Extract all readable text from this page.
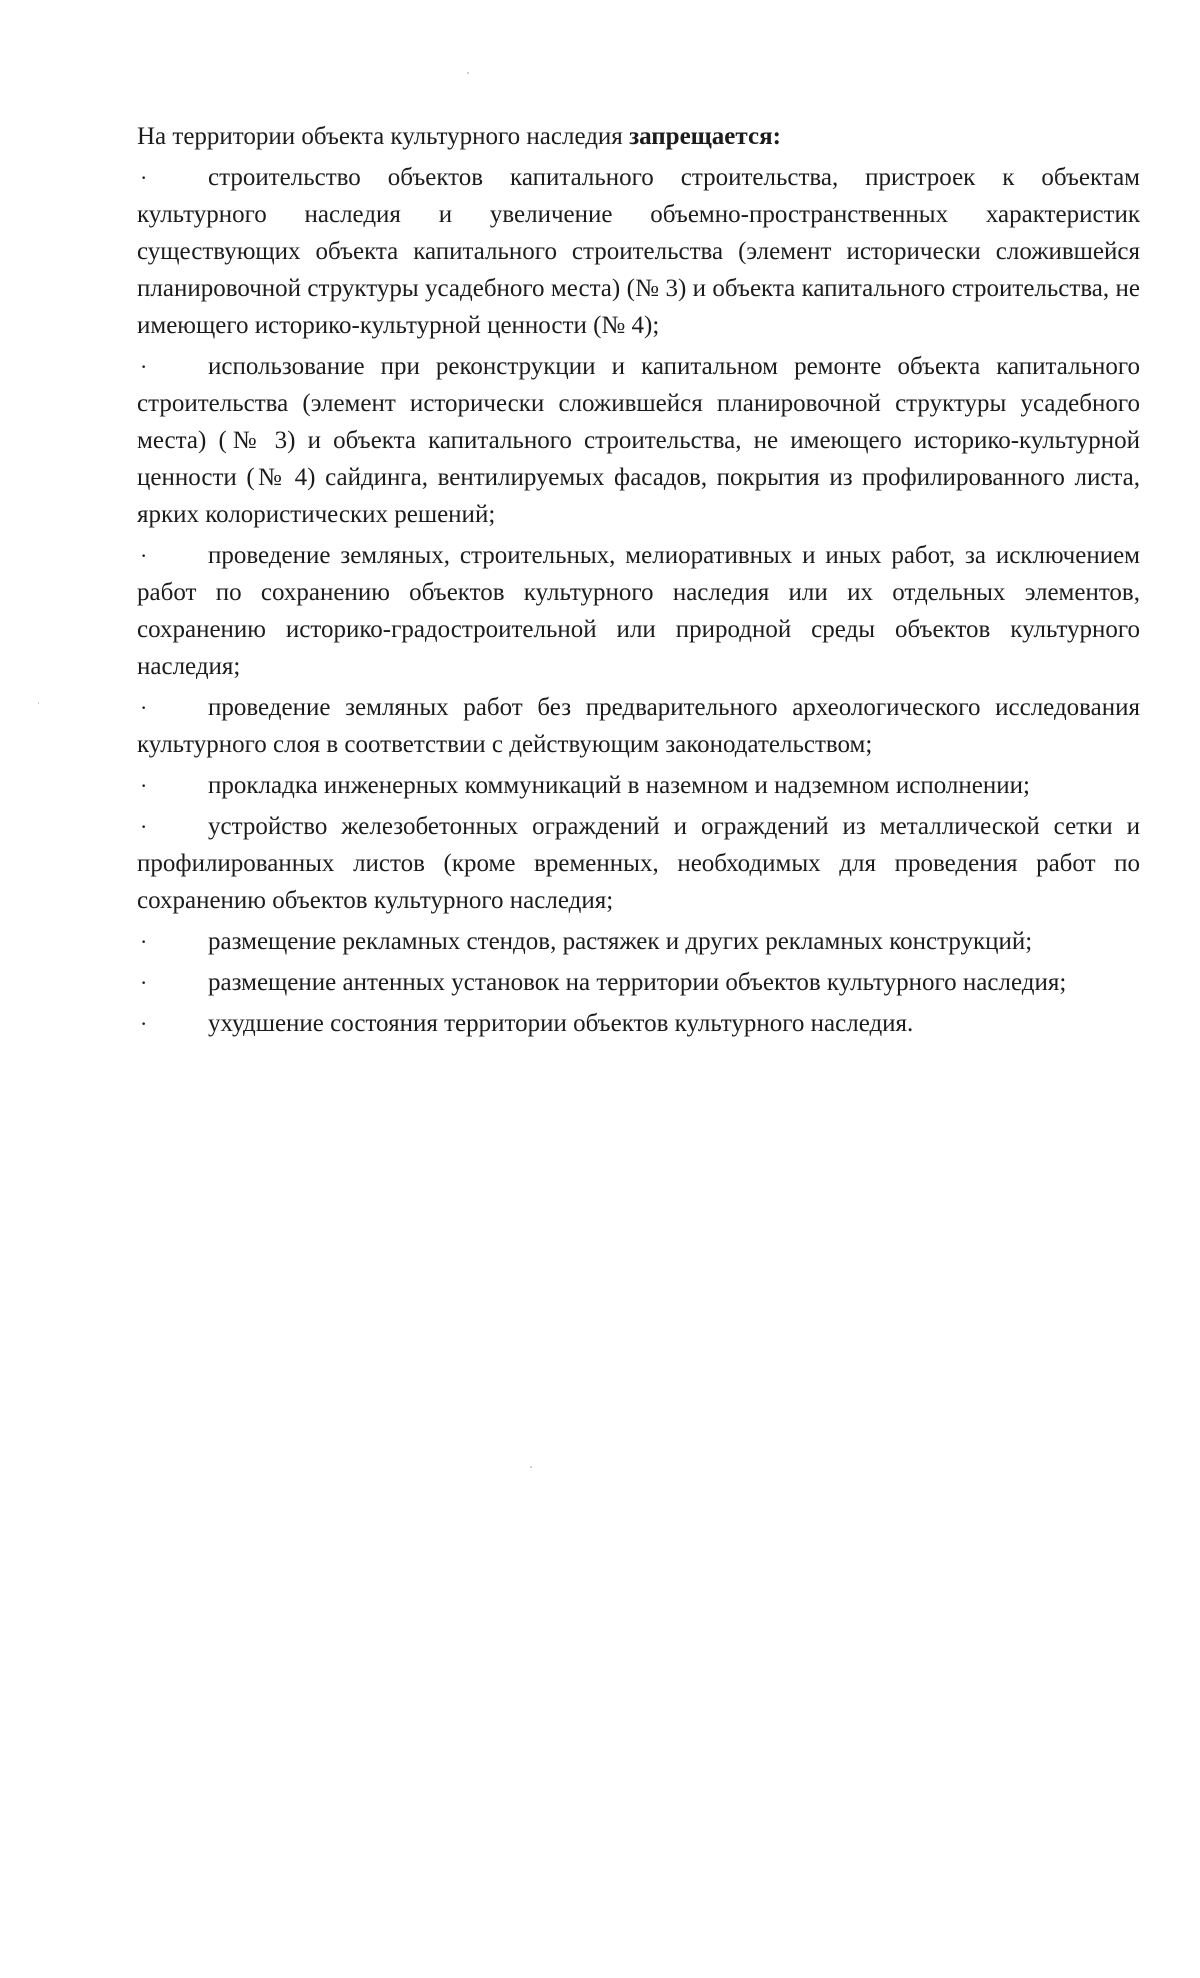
На территории объекта культурного наследия запрещается:

· строительство объектов капитального строительства, пристроек к объектам культурного наследия и увеличение объемно-пространственных характеристик существующих объекта капитального строительства (элемент исторически сложившейся планировочной структуры усадебного места) (№ 3) и объекта капитального строительства, не имеющего историко-культурной ценности (№ 4);
· использование при реконструкции и капитальном ремонте объекта капитального строительства (элемент исторически сложившейся планировочной структуры усадебного места) (№ 3) и объекта капитального строительства, не имеющего историко-культурной ценности (№ 4) сайдинга, вентилируемых фасадов, покрытия из профилированного листа, ярких колористических решений;
· проведение земляных, строительных, мелиоративных и иных работ, за исключением работ по сохранению объектов культурного наследия или их отдельных элементов, сохранению историко-градостроительной или природной среды объектов культурного наследия;
· проведение земляных работ без предварительного археологического исследования культурного слоя в соответствии с действующим законодательством;
· прокладка инженерных коммуникаций в наземном и надземном исполнении;
· устройство железобетонных ограждений и ограждений из металлической сетки и профилированных листов (кроме временных, необходимых для проведения работ по сохранению объектов культурного наследия;
· размещение рекламных стендов, растяжек и других рекламных конструкций;
· размещение антенных установок на территории объектов культурного наследия;
· ухудшение состояния территории объектов культурного наследия.
